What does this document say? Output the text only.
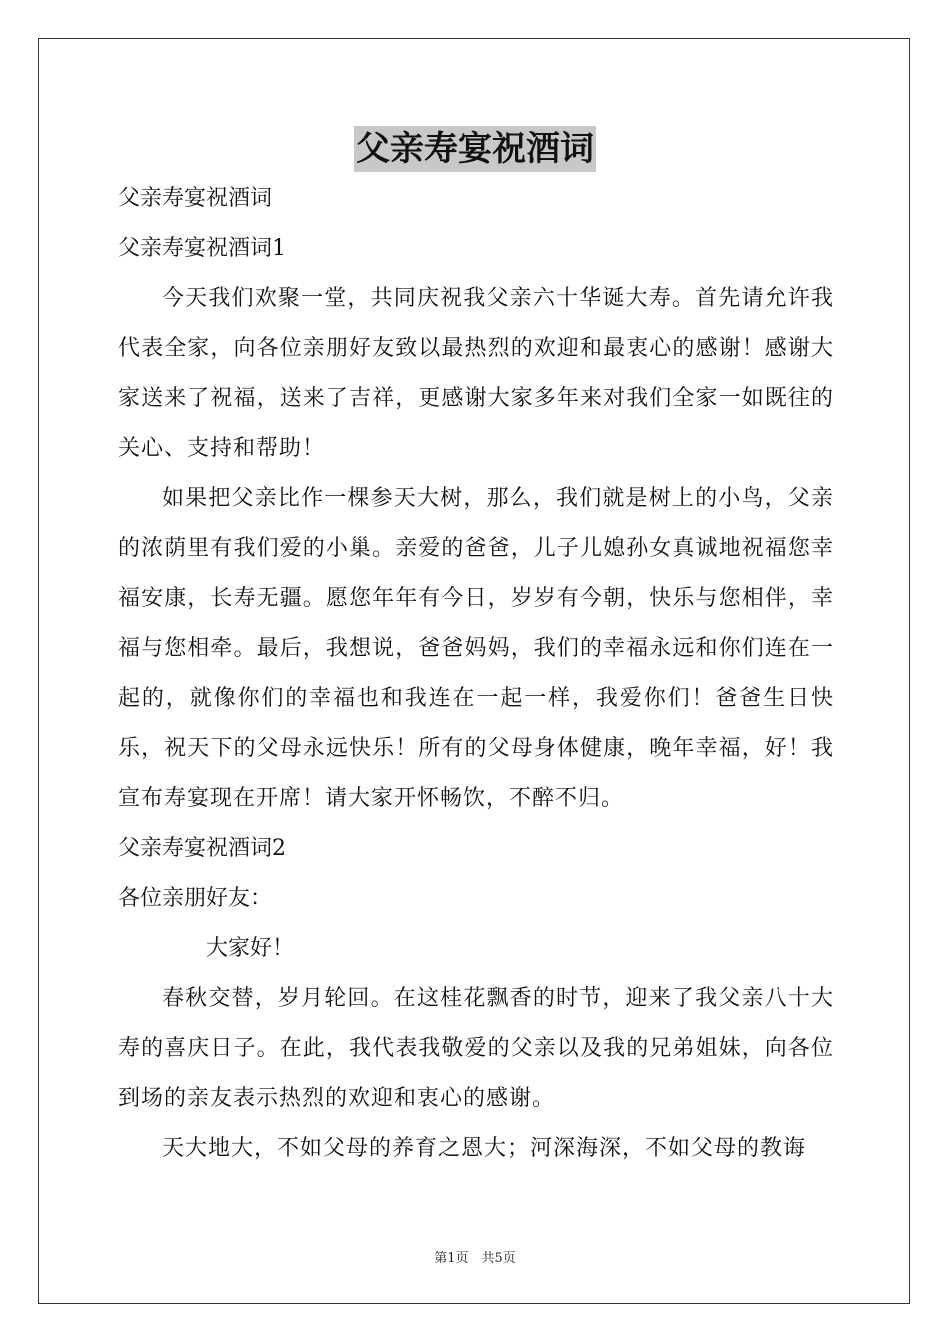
父亲寿宴祝酒词

父亲寿宴祝酒词

父亲寿宴祝酒词1

今天我们欢聚一堂，共同庆祝我父亲六十华诞大寿。首先请允许我代表全家，向各位亲朋好友致以最热烈的欢迎和最衷心的感谢！感谢大家送来了祝福，送来了吉祥，更感谢大家多年来对我们全家一如既往的关心、支持和帮助！

如果把父亲比作一棵参天大树，那么，我们就是树上的小鸟，父亲的浓荫里有我们爱的小巢。亲爱的爸爸，儿子儿媳孙女真诚地祝福您幸福安康，长寿无疆。愿您年年有今日，岁岁有今朝，快乐与您相伴，幸福与您相牵。最后，我想说，爸爸妈妈，我们的幸福永远和你们连在一起的，就像你们的幸福也和我连在一起一样，我爱你们！爸爸生日快乐，祝天下的父母永远快乐！所有的父母身体健康，晚年幸福，好！我宣布寿宴现在开席！请大家开怀畅饮，不醉不归。

父亲寿宴祝酒词2

各位亲朋好友：

大家好！

春秋交替，岁月轮回。在这桂花飘香的时节，迎来了我父亲八十大寿的喜庆日子。在此，我代表我敬爱的父亲以及我的兄弟姐妹，向各位到场的亲友表示热烈的欢迎和衷心的感谢。

天大地大，不如父母的养育之恩大；河深海深，不如父母的教诲

第1页　共5页
